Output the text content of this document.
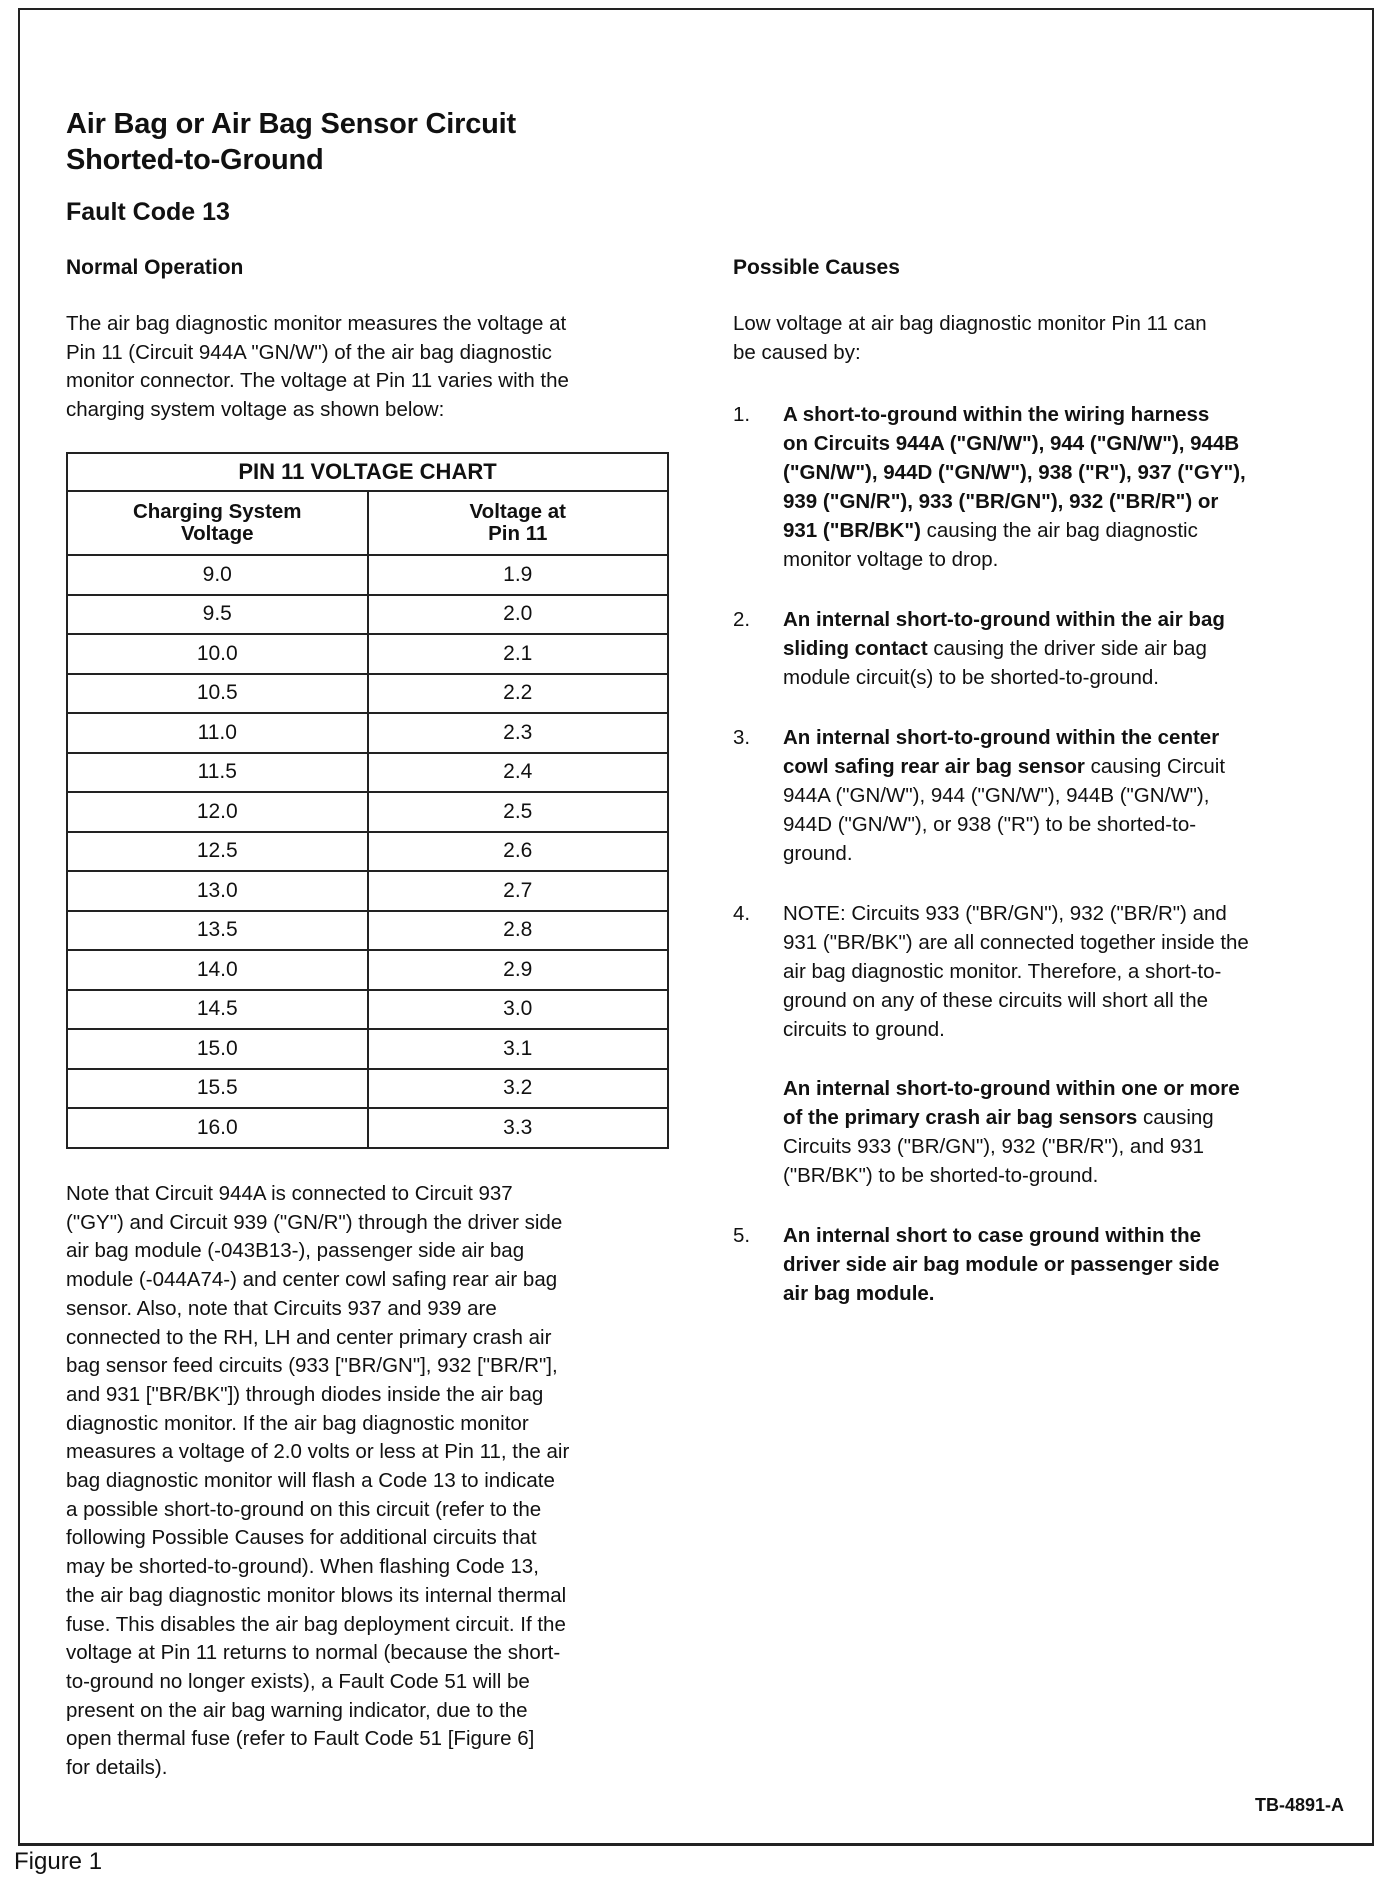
Air Bag or Air Bag Sensor Circuit
Shorted-to-Ground
Fault Code 13
Normal Operation

The air bag diagnostic monitor measures the voltage at
Pin 11 (Circuit 944A "GN/W") of the air bag diagnostic
monitor connector. The voltage at Pin 11 varies with the
charging system voltage as shown below:

PIN 11 VOLTAGE CHART	

Charging System
Voltage	Voltage at
Pin 11

9.0	1.9
9.5	2.0
10.0	2.1
10.5	2.2
11.0	2.3
11.5	2.4
12.0	2.5
12.5	2.6
13.0	2.7
13.5	2.8
14.0	2.9
14.5	3.0
15.0	3.1
15.5	3.2
16.0	3.3

Note that Circuit 944A is connected to Circuit 937
("GY") and Circuit 939 ("GN/R") through the driver side
air bag module (-043B13-), passenger side air bag
module (-044A74-) and center cowl safing rear air bag
sensor. Also, note that Circuits 937 and 939 are
connected to the RH, LH and center primary crash air
bag sensor feed circuits (933 ["BR/GN"], 932 ["BR/R"],
and 931 ["BR/BK"]) through diodes inside the air bag
diagnostic monitor. If the air bag diagnostic monitor
measures a voltage of 2.0 volts or less at Pin 11, the air
bag diagnostic monitor will flash a Code 13 to indicate
a possible short-to-ground on this circuit (refer to the
following Possible Causes for additional circuits that
may be shorted-to-ground). When flashing Code 13,
the air bag diagnostic monitor blows its internal thermal
fuse. This disables the air bag deployment circuit. If the
voltage at Pin 11 returns to normal (because the short-
to-ground no longer exists), a Fault Code 51 will be
present on the air bag warning indicator, due to the
open thermal fuse (refer to Fault Code 51 [Figure 6]
for details).

Possible Causes

Low voltage at air bag diagnostic monitor Pin 11 can
be caused by:

1. A short-to-ground within the wiring harness
on Circuits 944A ("GN/W"), 944 ("GN/W"), 944B
("GN/W"), 944D ("GN/W"), 938 ("R"), 937 ("GY"),
939 ("GN/R"), 933 ("BR/GN"), 932 ("BR/R") or
931 ("BR/BK") causing the air bag diagnostic
monitor voltage to drop.
2. An internal short-to-ground within the air bag
sliding contact causing the driver side air bag
module circuit(s) to be shorted-to-ground.
3. An internal short-to-ground within the center
cowl safing rear air bag sensor causing Circuit
944A ("GN/W"), 944 ("GN/W"), 944B ("GN/W"),
944D ("GN/W"), or 938 ("R") to be shorted-to-
ground.
4. NOTE: Circuits 933 ("BR/GN"), 932 ("BR/R") and
931 ("BR/BK") are all connected together inside the
air bag diagnostic monitor. Therefore, a short-to-
ground on any of these circuits will short all the
circuits to ground.
An internal short-to-ground within one or more
of the primary crash air bag sensors causing
Circuits 933 ("BR/GN"), 932 ("BR/R"), and 931
("BR/BK") to be shorted-to-ground.
5. An internal short to case ground within the
driver side air bag module or passenger side
air bag module.

TB-4891-A

Figure 1
